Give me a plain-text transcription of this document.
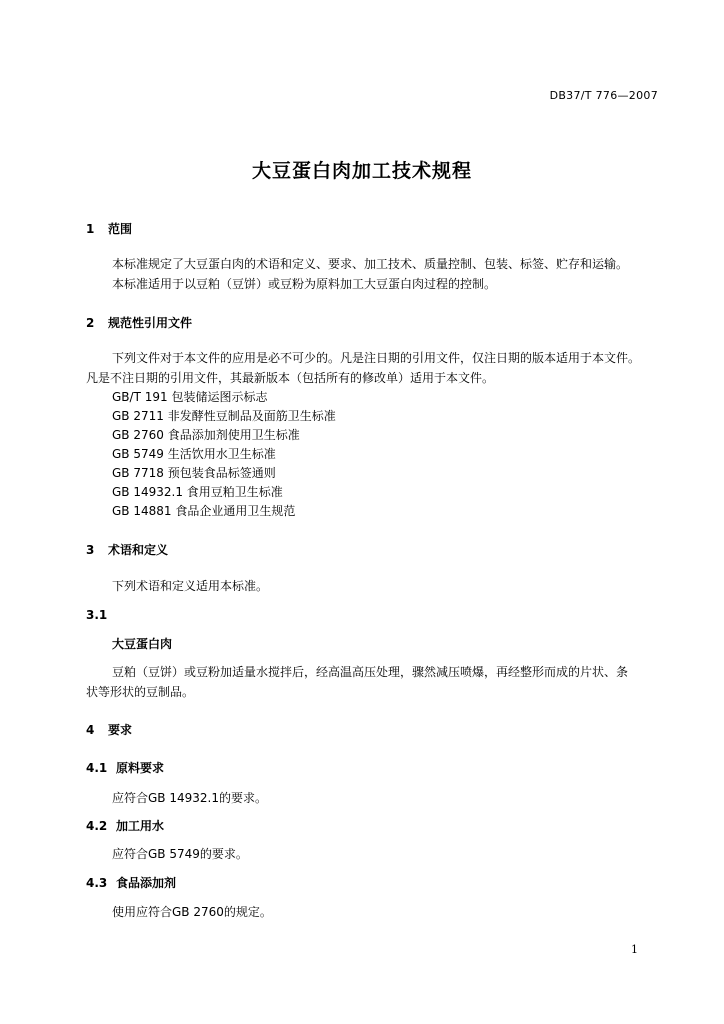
DB37/T 776—2007
大豆蛋白肉加工技术规程
1 范围
本标准规定了大豆蛋白肉的术语和定义、要求、加工技术、质量控制、包装、标签、贮存和运输。
本标准适用于以豆粕（豆饼）或豆粉为原料加工大豆蛋白肉过程的控制。
2 规范性引用文件
下列文件对于本文件的应用是必不可少的。凡是注日期的引用文件，仅注日期的版本适用于本文件。
凡是不注日期的引用文件，其最新版本（包括所有的修改单）适用于本文件。
GB/T 191 包装储运图示标志
GB 2711 非发酵性豆制品及面筋卫生标准
GB 2760 食品添加剂使用卫生标准
GB 5749 生活饮用水卫生标准
GB 7718 预包装食品标签通则
GB 14932.1 食用豆粕卫生标准
GB 14881 食品企业通用卫生规范
3 术语和定义
下列术语和定义适用本标准。
3.1
大豆蛋白肉
豆粕（豆饼）或豆粉加适量水搅拌后，经高温高压处理，骤然减压喷爆，再经整形而成的片状、条
状等形状的豆制品。
4 要求
4.1 原料要求
应符合GB 14932.1的要求。
4.2 加工用水
应符合GB 5749的要求。
4.3 食品添加剂
使用应符合GB 2760的规定。
1
